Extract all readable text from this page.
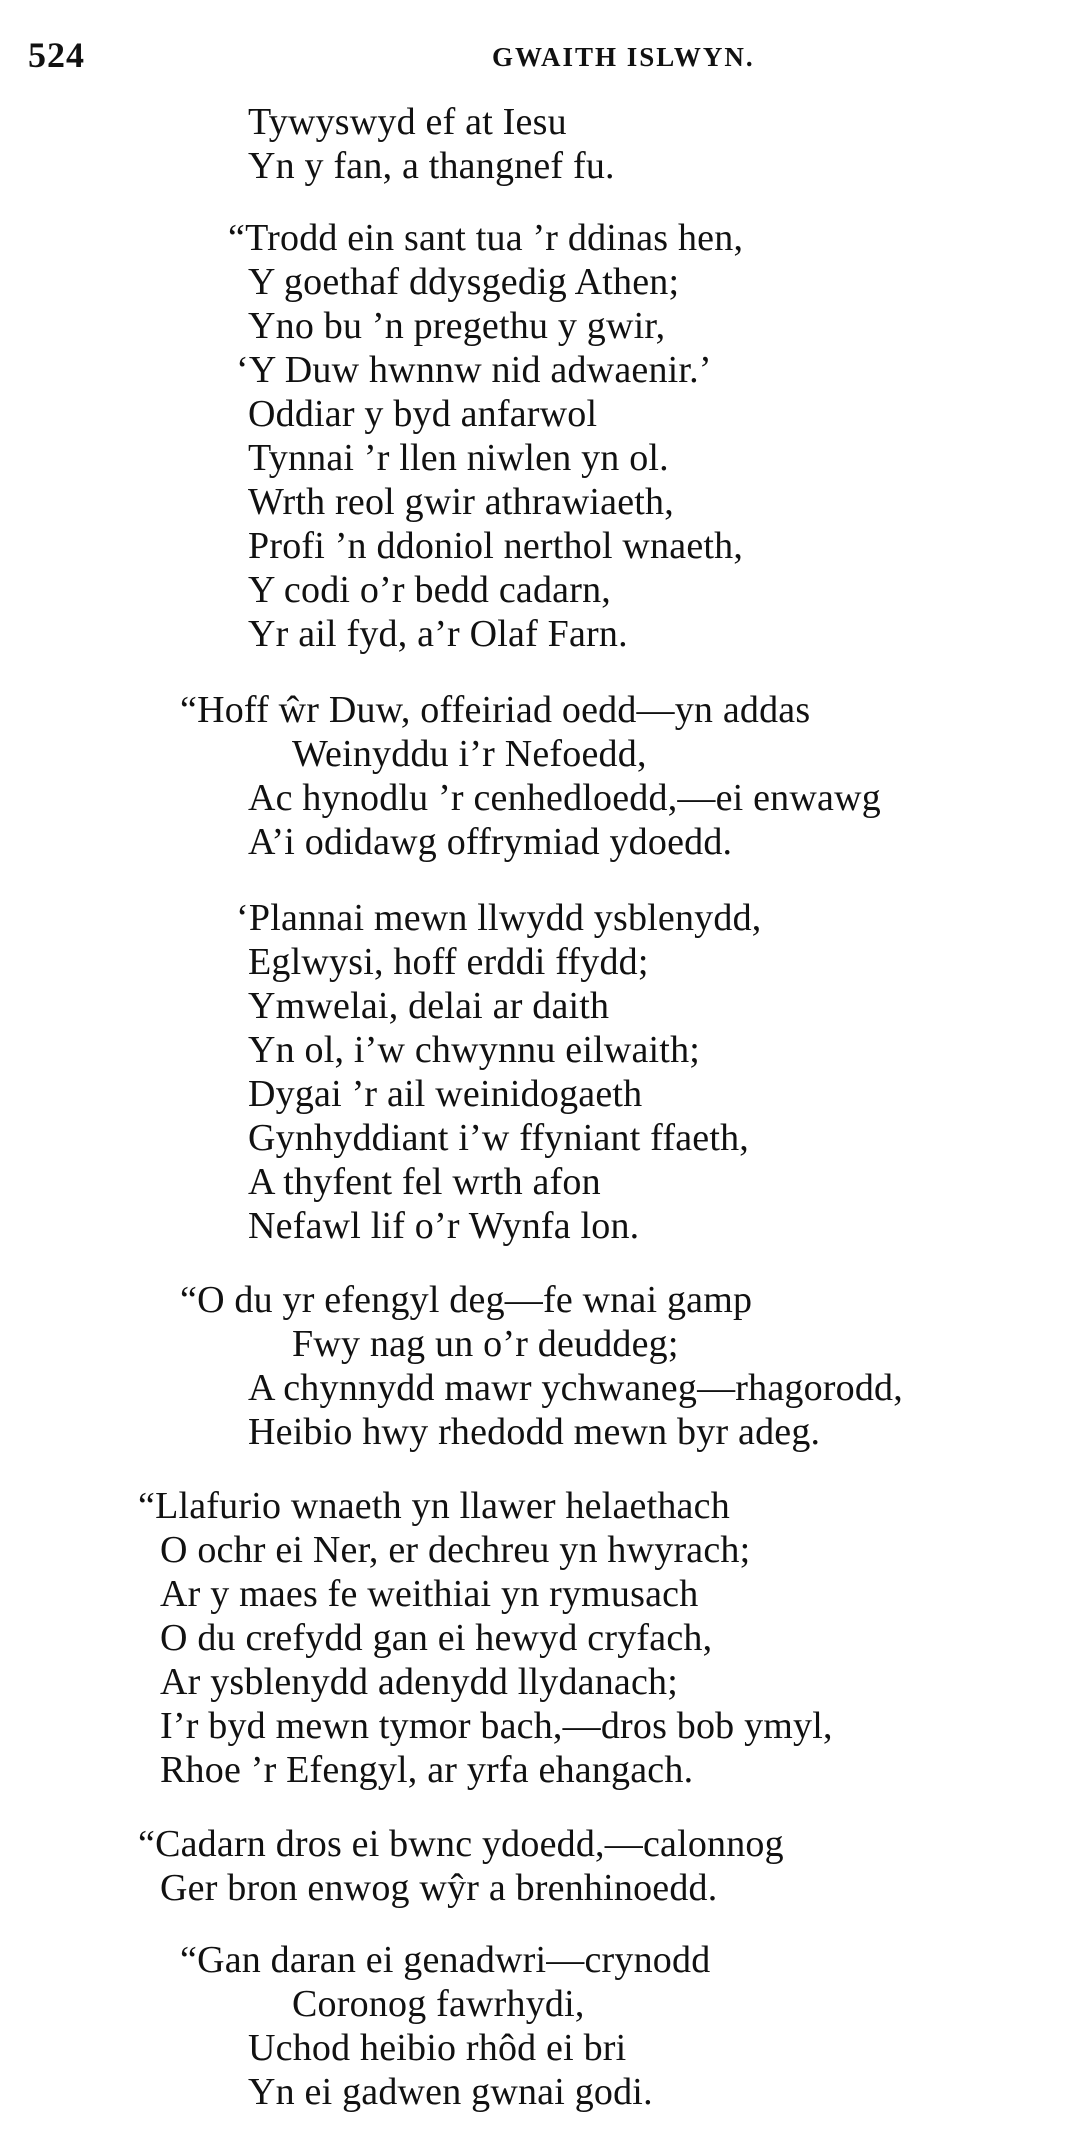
524	GWAITH ISLWYN.
Tywyswyd ef at Iesu
Yn y fan, a thangnef fu.
“Trodd ein sant tua ’r ddinas hen,
Y goethaf ddysgedig Athen;
Yno bu ’n pregethu y gwir,
‘Y Duw hwnnw nid adwaenir.’
Oddiar y byd anfarwol
Tynnai ’r llen niwlen yn ol.
Wrth reol gwir athrawiaeth,
Profi ’n ddoniol nerthol wnaeth,
Y codi o’r bedd cadarn,
Yr ail fyd, a’r Olaf Farn.
“Hoff ŵr Duw, offeiriad oedd—yn addas
Weinyddu i’r Nefoedd,
Ac hynodlu ’r cenhedloedd,—ei enwawg
A’i odidawg offrymiad ydoedd.
‘Plannai mewn llwydd ysblenydd,
Eglwysi, hoff erddi ffydd;
Ymwelai, delai ar daith
Yn ol, i’w chwynnu eilwaith;
Dygai ’r ail weinidogaeth
Gynhyddiant i’w ffyniant ffaeth,
A thyfent fel wrth afon
Nefawl lif o’r Wynfa lon.
“O du yr efengyl deg—fe wnai gamp
Fwy nag un o’r deuddeg;
A chynnydd mawr ychwaneg—rhagorodd,
Heibio hwy rhedodd mewn byr adeg.
“Llafurio wnaeth yn llawer helaethach
O ochr ei Ner, er dechreu yn hwyrach;
Ar y maes fe weithiai yn rymusach
O du crefydd gan ei hewyd cryfach,
Ar ysblenydd adenydd llydanach;
I’r byd mewn tymor bach,—dros bob ymyl,
Rhoe ’r Efengyl, ar yrfa ehangach.
“Cadarn dros ei bwnc ydoedd,—calonnog
Ger bron enwog wŷr a brenhinoedd.
“Gan daran ei genadwri—crynodd
Coronog fawrhydi,
Uchod heibio rhôd ei bri
Yn ei gadwen gwnai godi.
